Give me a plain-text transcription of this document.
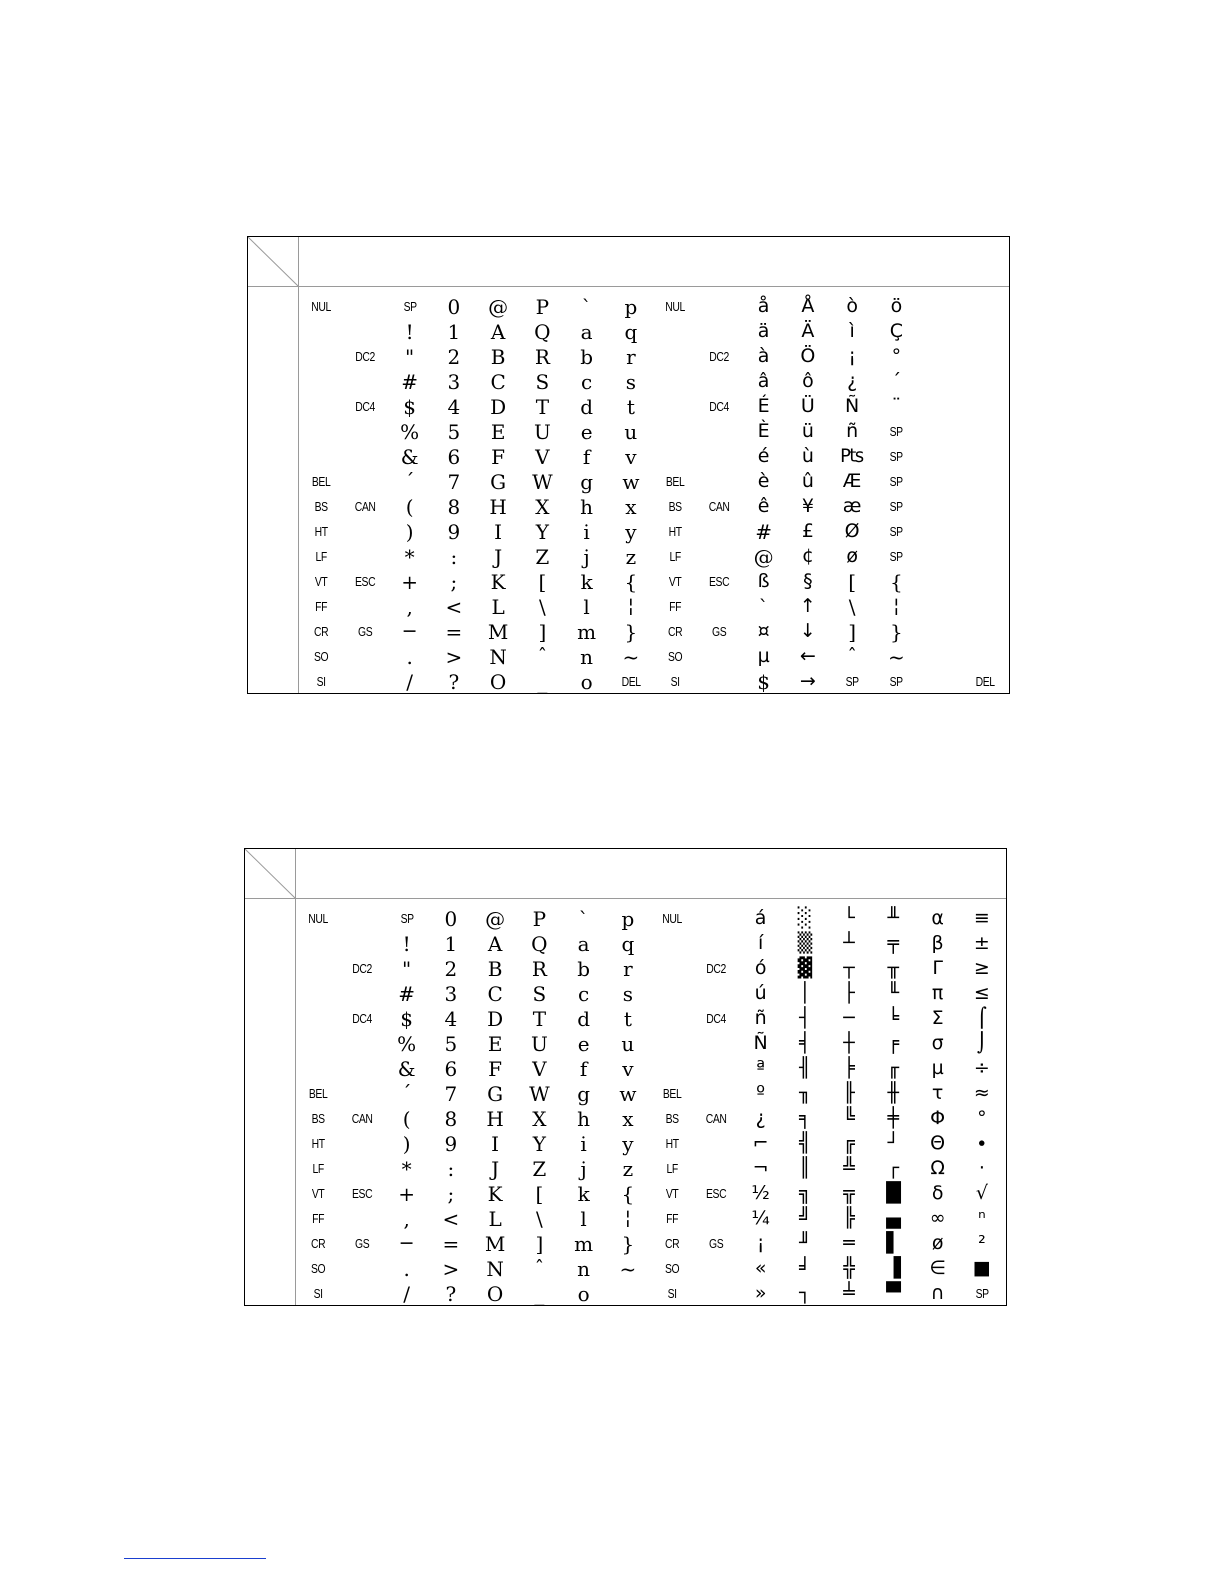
NUL
BEL
BS
HT
LF
VT
FF
CR
SO
SI
DC2
DC4
CAN
ESC
GS
SP
!
"
#
$
%
&
´
(
)
*
+
,
−
.
/
0
1
2
3
4
5
6
7
8
9
:
;
<
=
>
?
@
A
B
C
D
E
F
G
H
I
J
K
L
M
N
O
P
Q
R
S
T
U
V
W
X
Y
Z
[
\
]
ˆ
_
`
a
b
c
d
e
f
g
h
i
j
k
l
m
n
o
p
q
r
s
t
u
v
w
x
y
z
{
¦
}
~
DEL
NUL
BEL
BS
HT
LF
VT
FF
CR
SO
SI
DC2
DC4
CAN
ESC
GS
å
ä
à
â
É
È
é
è
ê
#
@
ß
`
¤
µ
$
Å
Ä
Ö
ô
Ü
ü
ù
û
¥
£
¢
§
↑
↓
←
→
ò
ì
¡
¿
Ñ
ñ
₧
Æ
æ
Ø
ø
[
\
]
ˆ
SP
ö
Ç
°
´
¨
SP
SP
SP
SP
SP
SP
{
¦
}
~
SP	DEL
NUL
BEL
BS
HT
LF
VT
FF
CR
SO
SI
DC2
DC4
CAN
ESC
GS
SP
!
"
#
$
%
&
´
(
)
*
+
,
−
.
/
0
1
2
3
4
5
6
7
8
9
:
;
<
=
>
?
@
A
B
C
D
E
F
G
H
I
J
K
L
M
N
O
P
Q
R
S
T
U
V
W
X
Y
Z
[
\
]
ˆ
_
`
a
b
c
d
e
f
g
h
i
j
k
l
m
n
o
p
q
r
s
t
u
v
w
x
y
z
{
¦
}
~
NUL
BEL
BS
HT
LF
VT
FF
CR
SO
SI
DC2
DC4
CAN
ESC
GS
á
í
ó
ú
ñ
Ñ
ª
º
¿
⌐
¬
½
¼
¡
«
»
░
▒
▓
│
┤
╡
╢
╖
╕
╣
║
╗
╝
╜
╛
┐
└
┴
┬
├
─
┼
╞
╟
╚
╔
╩
╦
╠
═
╬
╧
╨
╤
╥
╙
╘
╒
╓
╫
╪
┘
┌
█
▄
▌
▐
▀
α
β
Γ
π
Σ
σ
µ
τ
Φ
Θ
Ω
δ
∞
ø
∈
∩
≡
±
≥
≤
⌠
⌡
÷
≈
°
∙
·
√
ⁿ
²
■
SP
